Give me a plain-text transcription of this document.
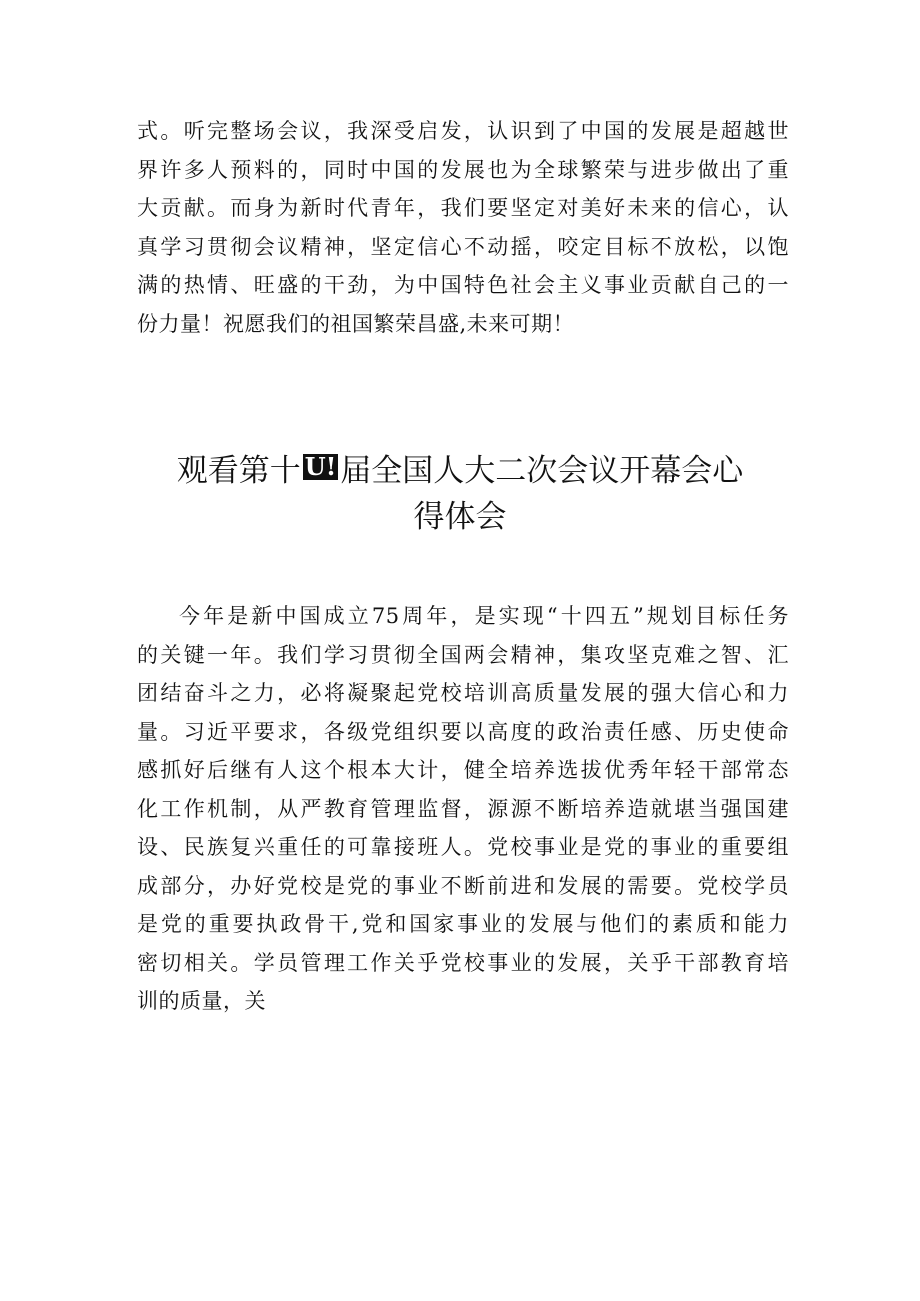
式。听完整场会议，我深受启发，认识到了中国的发展是超越世
界许多人预料的，同时中国的发展也为全球繁荣与进步做出了重
大贡献。而身为新时代青年，我们要坚定对美好未来的信心，认
真学习贯彻会议精神，坚定信心不动摇，咬定目标不放松，以饱
满的热情、旺盛的干劲，为中国特色社会主义事业贡献自己的一
份力量！祝愿我们的祖国繁荣昌盛,未来可期！
观看第十 U! 届全国人大二次会议开幕会心
得体会
今年是新中国成立75周年，是实现“十四五”规划目标任务
的关键一年。我们学习贯彻全国两会精神，集攻坚克难之智、汇
团结奋斗之力，必将凝聚起党校培训高质量发展的强大信心和力
量。习近平要求，各级党组织要以高度的政治责任感、历史使命
感抓好后继有人这个根本大计，健全培养选拔优秀年轻干部常态
化工作机制，从严教育管理监督，源源不断培养造就堪当强国建
设、民族复兴重任的可靠接班人。党校事业是党的事业的重要组
成部分，办好党校是党的事业不断前进和发展的需要。党校学员
是党的重要执政骨干,党和国家事业的发展与他们的素质和能力
密切相关。学员管理工作关乎党校事业的发展，关乎干部教育培
训的质量，关
